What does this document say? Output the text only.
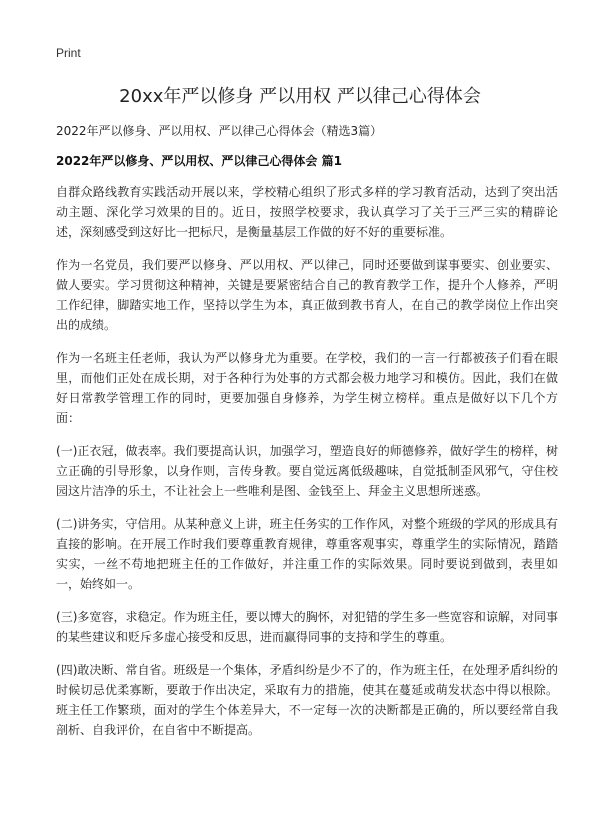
Print
20xx年严以修身 严以用权 严以律己心得体会
2022年严以修身、严以用权、严以律己心得体会（精选3篇）
2022年严以修身、严以用权、严以律己心得体会 篇1

自群众路线教育实践活动开展以来，学校精心组织了形式多样的学习教育活动，达到了突出活动主题、深化学习效果的目的。近日，按照学校要求，我认真学习了关于三严三实的精辟论述，深刻感受到这好比一把标尺，是衡量基层工作做的好不好的重要标准。

作为一名党员，我们要严以修身、严以用权、严以律己，同时还要做到谋事要实、创业要实、做人要实。学习贯彻这种精神，关键是要紧密结合自己的教育教学工作，提升个人修养，严明工作纪律，脚踏实地工作，坚持以学生为本，真正做到教书育人，在自己的教学岗位上作出突出的成绩。

作为一名班主任老师，我认为严以修身尤为重要。在学校，我们的一言一行都被孩子们看在眼里，而他们正处在成长期，对于各种行为处事的方式都会极力地学习和模仿。因此，我们在做好日常教学管理工作的同时，更要加强自身修养，为学生树立榜样。重点是做好以下几个方面：

(一)正衣冠，做表率。我们要提高认识，加强学习，塑造良好的师德修养，做好学生的榜样，树立正确的引导形象，以身作则，言传身教。要自觉远离低级趣味，自觉抵制歪风邪气，守住校园这片洁净的乐土，不让社会上一些唯利是图、金钱至上、拜金主义思想所迷惑。

(二)讲务实，守信用。从某种意义上讲，班主任务实的工作作风，对整个班级的学风的形成具有直接的影响。在开展工作时我们要尊重教育规律，尊重客观事实，尊重学生的实际情况，踏踏实实，一丝不苟地把班主任的工作做好，并注重工作的实际效果。同时要说到做到，表里如一，始终如一。

(三)多宽容，求稳定。作为班主任，要以博大的胸怀，对犯错的学生多一些宽容和谅解，对同事的某些建议和贬斥多虚心接受和反思，进而赢得同事的支持和学生的尊重。

(四)敢决断、常自省。班级是一个集体，矛盾纠纷是少不了的，作为班主任，在处理矛盾纠纷的时候切忌优柔寡断，要敢于作出决定，采取有力的措施，使其在蔓延或萌发状态中得以根除。班主任工作繁琐，面对的学生个体差异大，不一定每一次的决断都是正确的，所以要经常自我剖析、自我评价，在自省中不断提高。
